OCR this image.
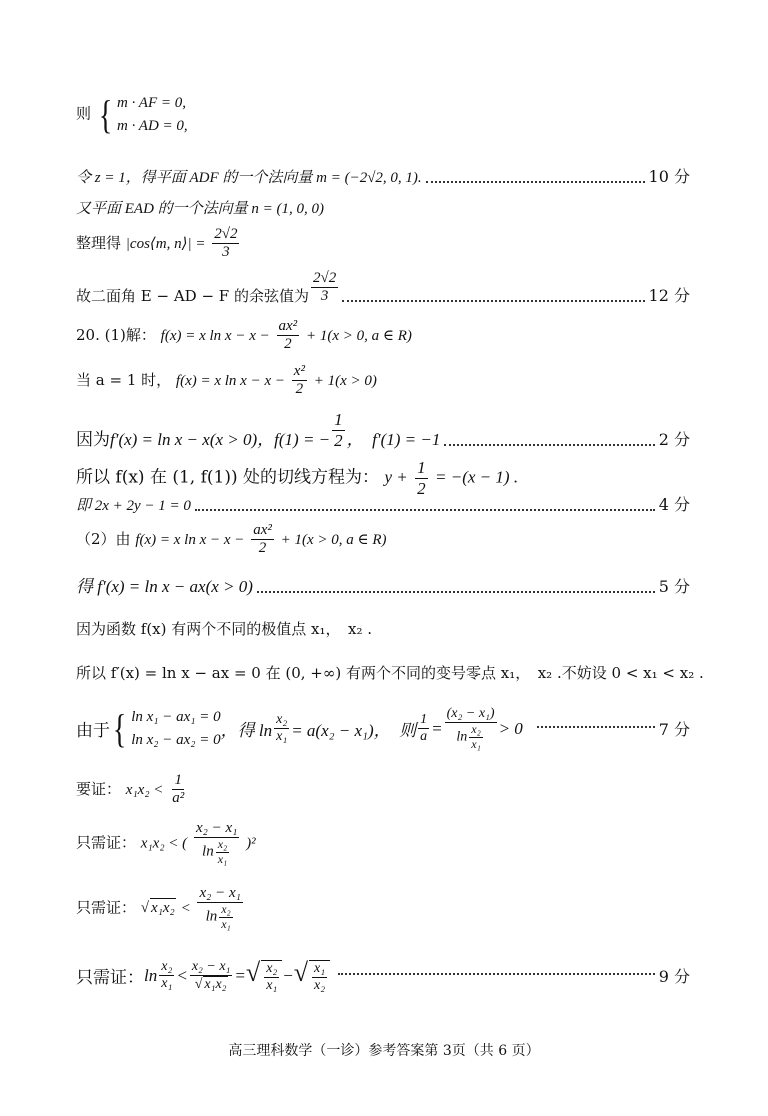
则 { m · AF = 0,
m · AD = 0,
令 z = 1，得平面 ADF 的一个法向量 m = (−2√2, 0, 1).	10 分
又平面 EAD 的一个法向量 n = (1, 0, 0)
整理得 |cos⟨m, n⟩| = $\frac{2√2}{3}$
故二面角 E − AD − F 的余弦值为 $\frac{2√2}{3}$	12 分
20. (1)解： f(x) = x $\ln x - x - \frac{\text{ax²}}{2} + 1(x > 0$, a ∈ R)
当 a = 1 时， f(x) = x $\ln x - x - \frac{\text{x²}}{2} + 1(x > 0)$
因为 f′(x) = ln x − x(x > 0)， f(1) = − $\frac{1}{2}$ ，　f′(1) = −1	2 分
所以 f(x) 在 (1, f(1)) 处的切线方程为： $y + \frac{1}{2} = -(x - 1)$ .
即 2x + 2y − 1 = 0	4 分
（2）由 f(x) = x $\ln x - x - \frac{\text{ax²}}{2} + 1(x > 0$, a ∈ R)
得 f′(x) = ln x − ax(x > 0)	5 分
因为函数 f(x) 有两个不同的极值点 x₁，　x₂ .
所以 f′(x) = ln x − ax = 0 在 (0, +∞) 有两个不同的变号零点 x₁，　x₂ .不妨设 0 < x₁ < x₂ .
由于 { ln x₁ − ax₁ = 0
ln x₂ − ax₂ = 0 ，得 $\ln \frac{\text{x₂}}{\text{x₁}} = a(x_2 - x_1)$，　则 $\frac{1}{a} = \frac{\text{(x₂ − x₁)}}{\ln \frac{\text{x₂}}{\text{x₁}}} > 0$	7 分
要证： $x_1x_2 < \frac{1}{\text{a²}}$
只需证： x₁x₂ < ( $\frac{\text{x₂ − x₁}}{\ln \frac{\text{x₂}}{\text{x₁}}} )^2$
只需证： √ $x_1x_2 < \frac{\text{x₂ − x₁}}{\ln \frac{\text{x₂}}{\text{x₁}}}$
只需证： $\ln \frac{\text{x₂}}{\text{x₁}} < \frac{\text{x₂ − x₁}}{\text{√ x₁x₂}}$ = √ $\frac{\text{x₂}}{\text{x₁}}$ − √ $\frac{\text{x₁}}{\text{x₂}}$	9 分
高三理科数学（一诊）参考答案第 3页（共 6 页）
